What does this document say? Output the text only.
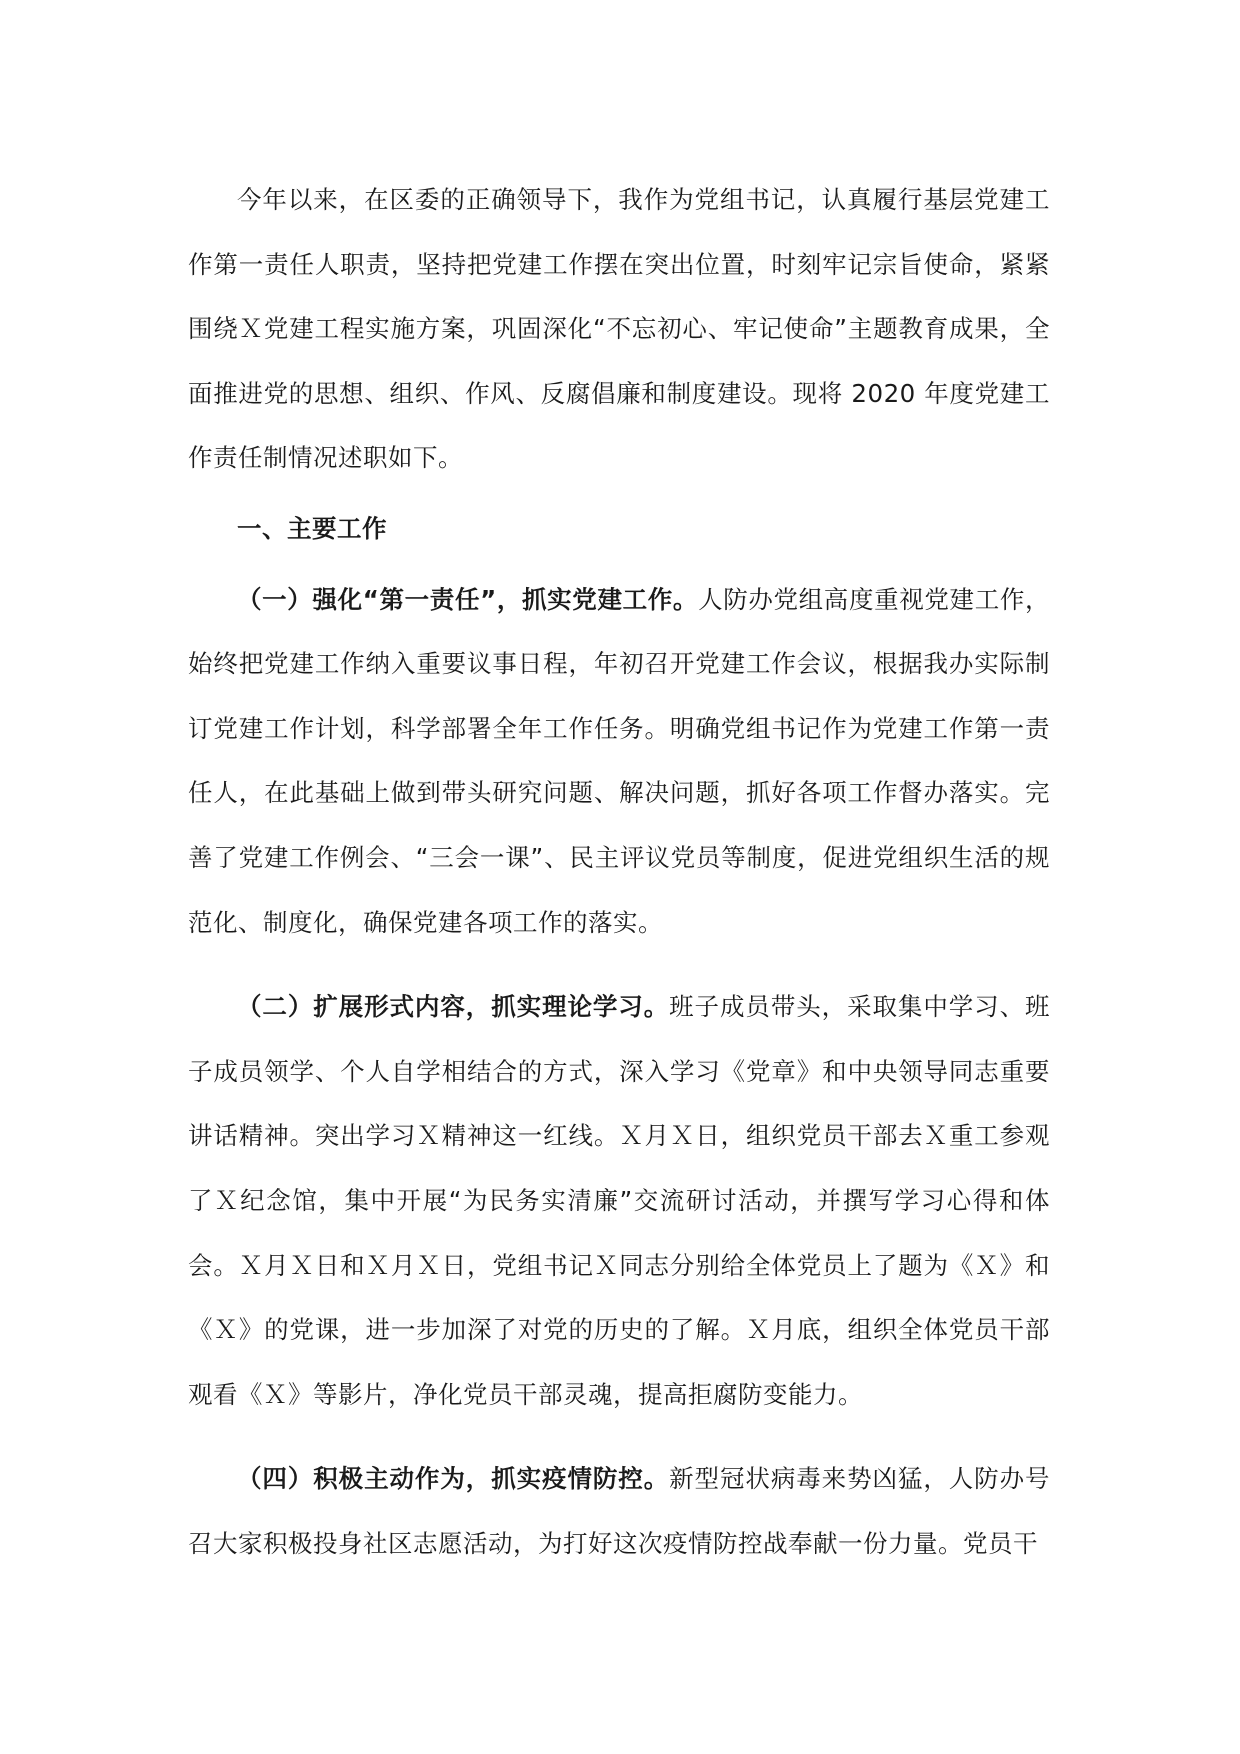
今年以来，在区委的正确领导下，我作为党组书记，认真履行基层党建工作第一责任人职责，坚持把党建工作摆在突出位置，时刻牢记宗旨使命，紧紧围绕Ｘ党建工程实施方案，巩固深化“不忘初心、牢记使命”主题教育成果，全面推进党的思想、组织、作风、反腐倡廉和制度建设。现将 2020 年度党建工作责任制情况述职如下。

一、主要工作

（一）强化“第一责任”，抓实党建工作。人防办党组高度重视党建工作，始终把党建工作纳入重要议事日程，年初召开党建工作会议，根据我办实际制订党建工作计划，科学部署全年工作任务。明确党组书记作为党建工作第一责任人，在此基础上做到带头研究问题、解决问题，抓好各项工作督办落实。完善了党建工作例会、“三会一课”、民主评议党员等制度，促进党组织生活的规范化、制度化，确保党建各项工作的落实。

（二）扩展形式内容，抓实理论学习。班子成员带头，采取集中学习、班子成员领学、个人自学相结合的方式，深入学习《党章》和中央领导同志重要讲话精神。突出学习Ｘ精神这一红线。Ｘ月Ｘ日，组织党员干部去Ｘ重工参观了Ｘ纪念馆，集中开展“为民务实清廉”交流研讨活动，并撰写学习心得和体会。Ｘ月Ｘ日和Ｘ月Ｘ日，党组书记Ｘ同志分别给全体党员上了题为《Ｘ》和《Ｘ》的党课，进一步加深了对党的历史的了解。Ｘ月底，组织全体党员干部观看《Ｘ》等影片，净化党员干部灵魂，提高拒腐防变能力。

（四）积极主动作为，抓实疫情防控。新型冠状病毒来势凶猛，人防办号召大家积极投身社区志愿活动，为打好这次疫情防控战奉献一份力量。党员干
